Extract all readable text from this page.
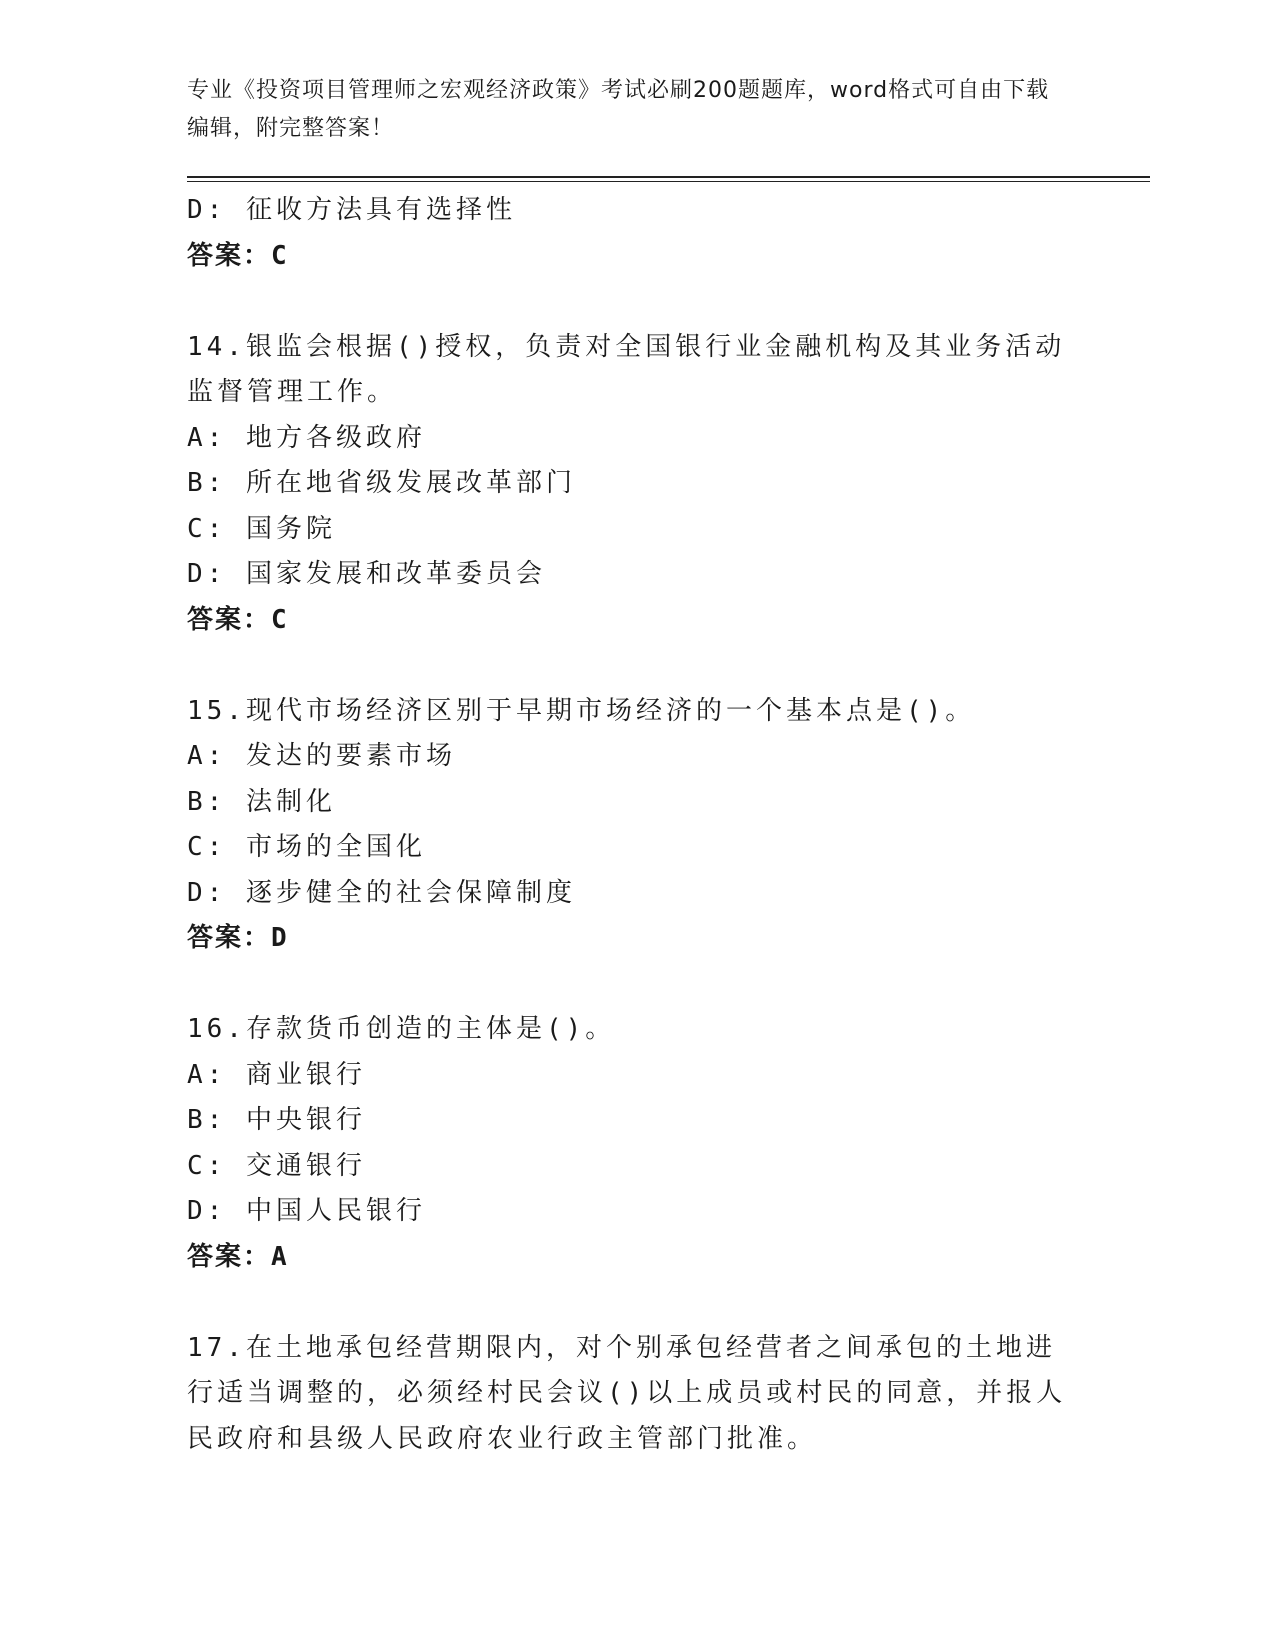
专业《投资项目管理师之宏观经济政策》考试必刷200题题库，word格式可自由下载编辑，附完整答案！
D: 征收方法具有选择性
答案：C
14.银监会根据()授权，负责对全国银行业金融机构及其业务活动监督管理工作。
A: 地方各级政府
B: 所在地省级发展改革部门
C: 国务院
D: 国家发展和改革委员会
答案：C
15.现代市场经济区别于早期市场经济的一个基本点是()。
A: 发达的要素市场
B: 法制化
C: 市场的全国化
D: 逐步健全的社会保障制度
答案：D
16.存款货币创造的主体是()。
A: 商业银行
B: 中央银行
C: 交通银行
D: 中国人民银行
答案：A
17.在土地承包经营期限内，对个别承包经营者之间承包的土地进行适当调整的，必须经村民会议()以上成员或村民的同意，并报人民政府和县级人民政府农业行政主管部门批准。
